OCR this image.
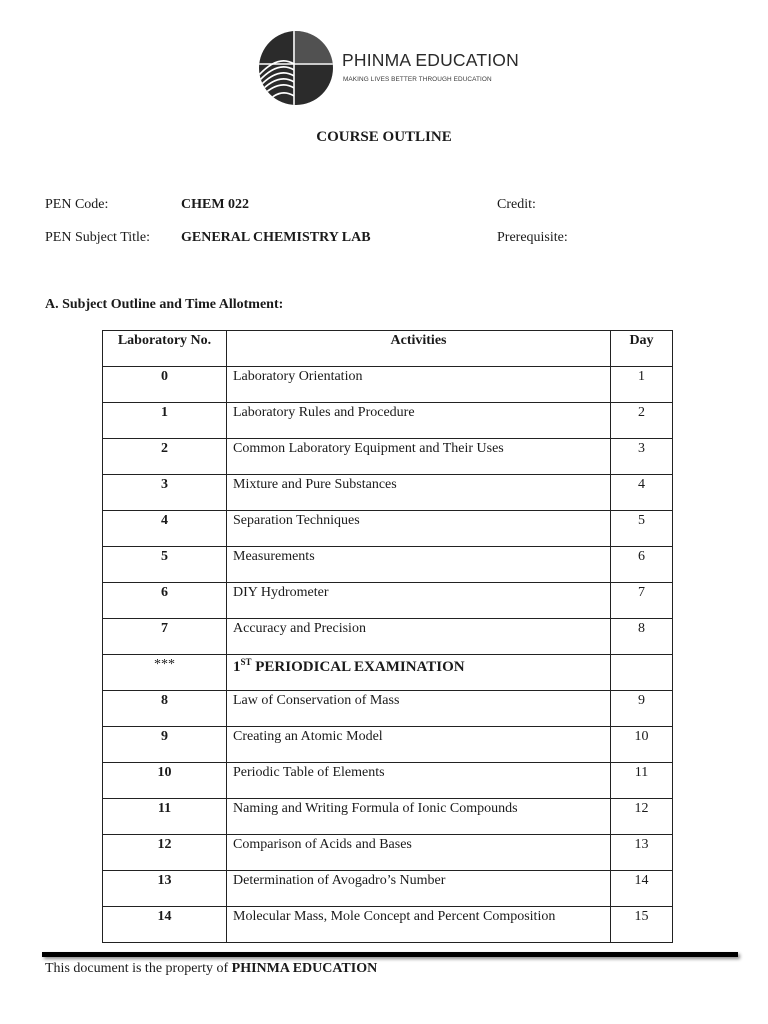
PHINMA EDUCATION
MAKING LIVES BETTER THROUGH EDUCATION
COURSE OUTLINE
PEN Code:	CHEM 022	Credit:
PEN Subject Title: GENERAL CHEMISTRY LAB	Prerequisite:
A. Subject Outline and Time Allotment:
Laboratory No.	Activities	Day
0	Laboratory Orientation	1
1	Laboratory Rules and Procedure	2
2	Common Laboratory Equipment and Their Uses	3
3	Mixture and Pure Substances	4
4	Separation Techniques	5
5	Measurements	6
6	DIY Hydrometer	7
7	Accuracy and Precision	8
***	1ST PERIODICAL EXAMINATION	
8	Law of Conservation of Mass	9
9	Creating an Atomic Model	10
10	Periodic Table of Elements	11
11	Naming and Writing Formula of Ionic Compounds	12
12	Comparison of Acids and Bases	13
13	Determination of Avogadro’s Number	14
14	Molecular Mass, Mole Concept and Percent Composition	15
This document is the property of PHINMA EDUCATION
